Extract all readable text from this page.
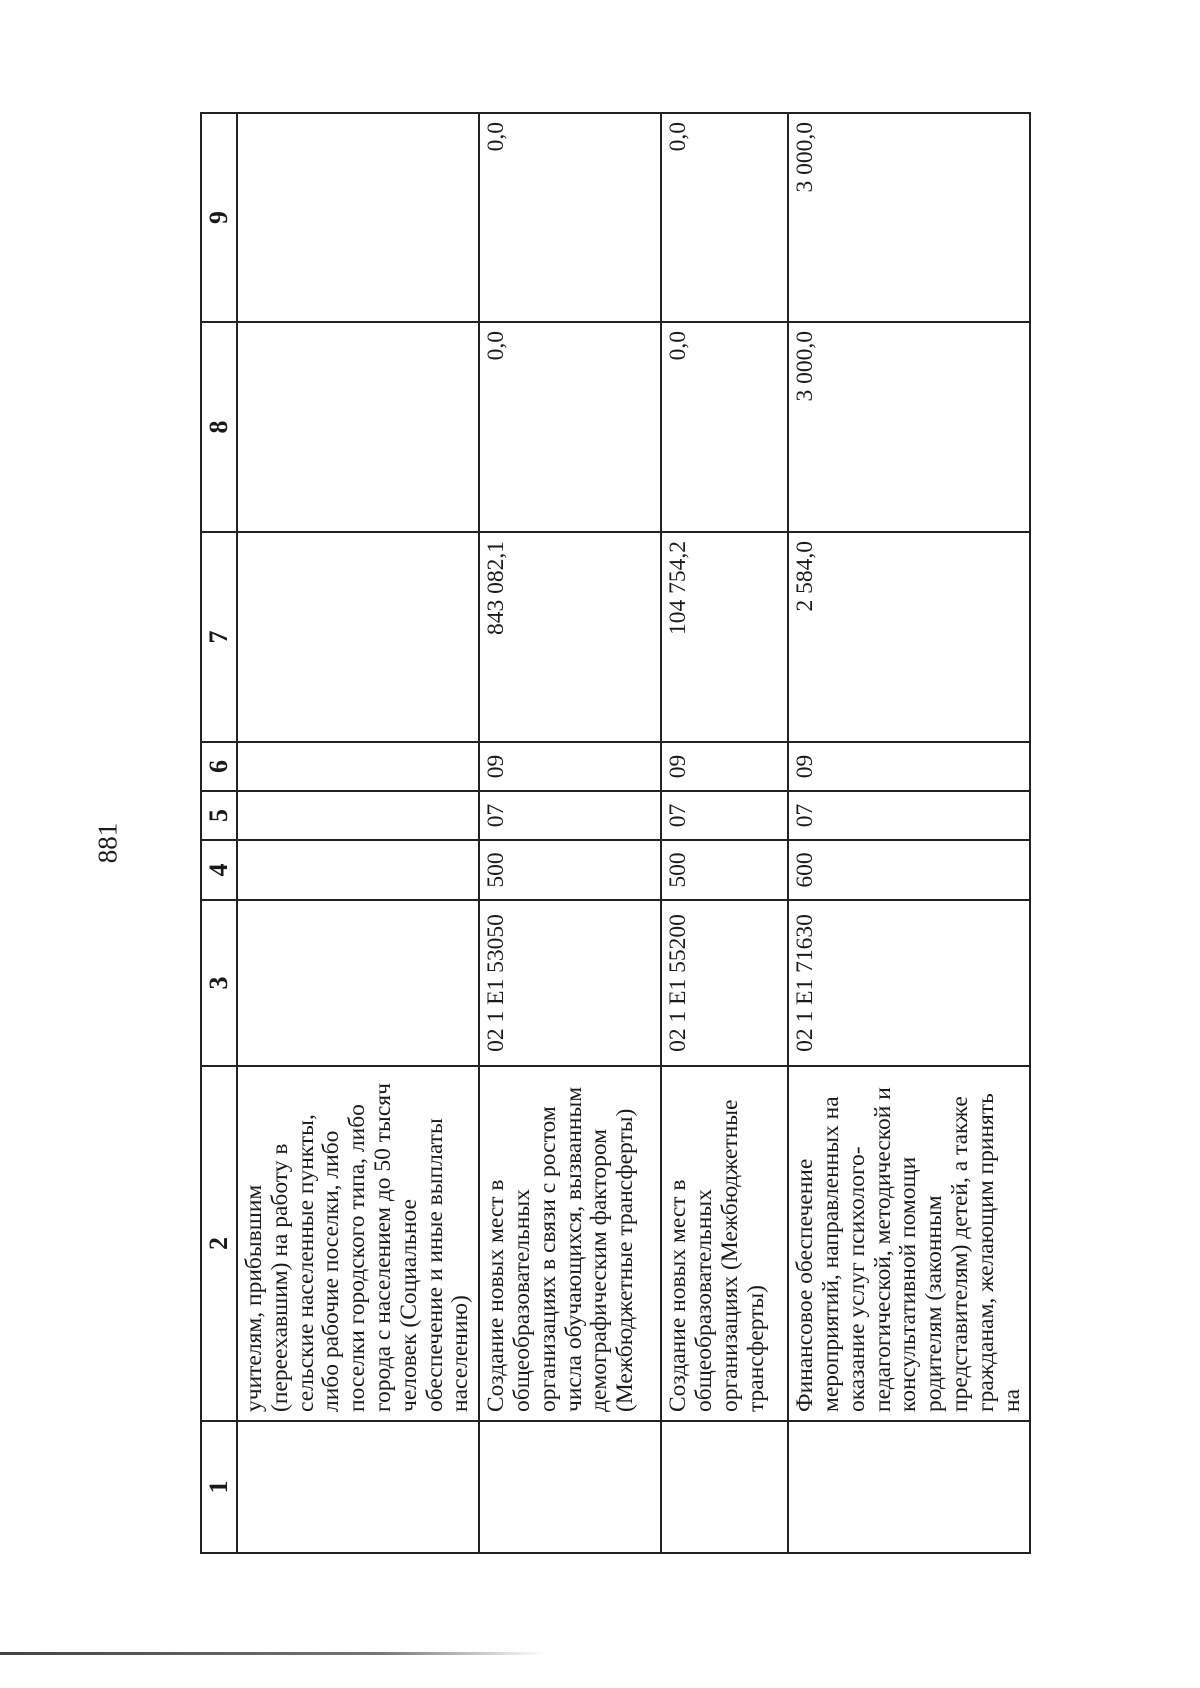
881
1	2	3	4	5	6	7	8	9
	учителям, прибывшим (переехавшим) на работу в сельские населенные пункты, либо рабочие поселки, либо поселки городского типа, либо города с населением до 50 тысяч человек (Социальное обеспечение и иные выплаты населению)							
	Создание новых мест в общеобразовательных организациях в связи с ростом числа обучающихся, вызванным демографическим фактором (Межбюджетные трансферты)	02 1 E1 53050	500	07	09	843 082,1	0,0	0,0
	Создание новых мест в общеобразовательных организациях (Межбюджетные трансферты)	02 1 E1 55200	500	07	09	104 754,2	0,0	0,0
	Финансовое обеспечение мероприятий, направленных на оказание услуг психолого-педагогической, методической и консультативной помощи родителям (законным представителям) детей, а также гражданам, желающим принять на	02 1 E1 71630	600	07	09	2 584,0	3 000,0	3 000,0
